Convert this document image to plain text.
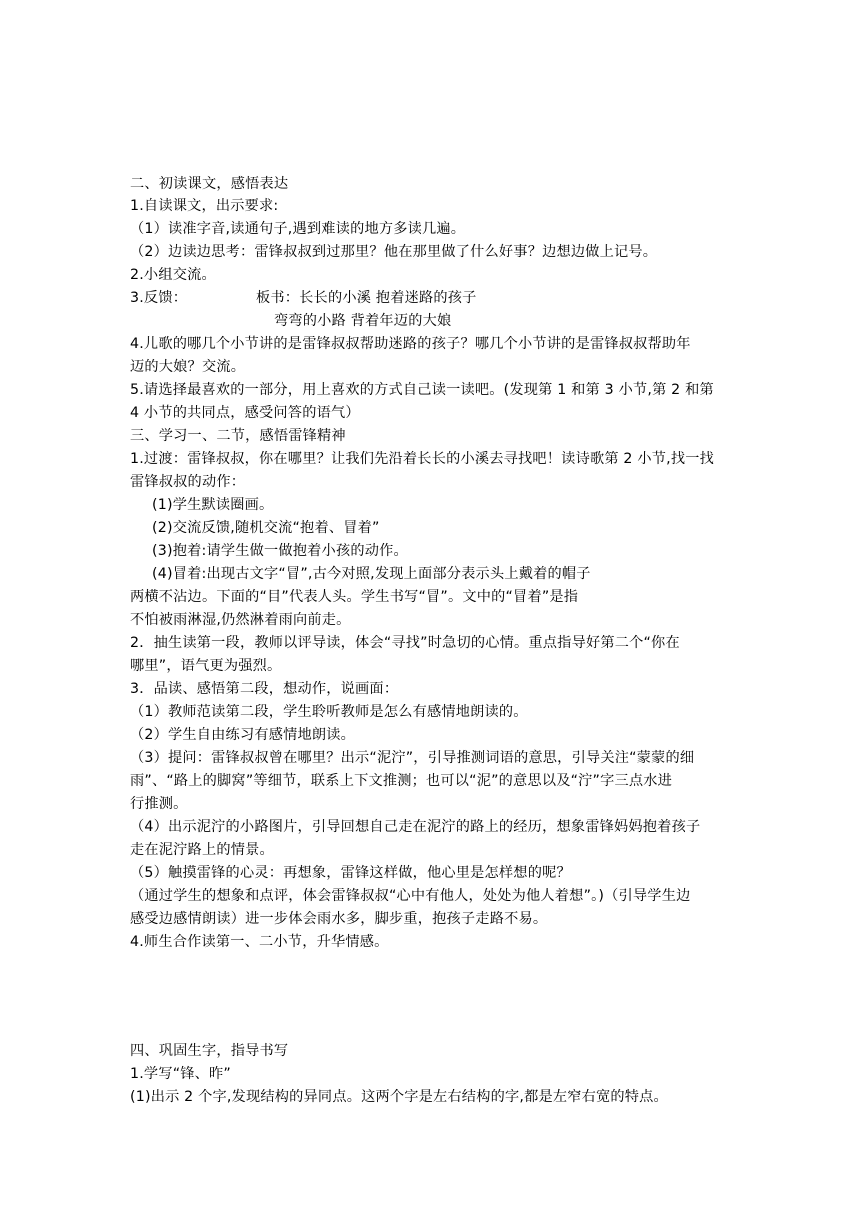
二、初读课文，感悟表达
1.自读课文，出示要求:
（1）读准字音,读通句子,遇到难读的地方多读几遍。
（2）边读边思考：雷锋叔叔到过那里？他在那里做了什么好事？边想边做上记号。
2.小组交流。
3.反馈：	板书：长长的小溪 抱着迷路的孩子
弯弯的小路 背着年迈的大娘
4.儿歌的哪几个小节讲的是雷锋叔叔帮助迷路的孩子？哪几个小节讲的是雷锋叔叔帮助年
迈的大娘？交流。
5.请选择最喜欢的一部分，用上喜欢的方式自己读一读吧。(发现第 1 和第 3 小节,第 2 和第
4 小节的共同点，感受问答的语气）
三、学习一、二节，感悟雷锋精神
1.过渡：雷锋叔叔，你在哪里？让我们先沿着长长的小溪去寻找吧！读诗歌第 2 小节,找一找
雷锋叔叔的动作：
(1)学生默读圈画。
(2)交流反馈,随机交流“抱着、冒着”
(3)抱着:请学生做一做抱着小孩的动作。
(4)冒着:出现古文字“冒”,古今对照,发现上面部分表示头上戴着的帽子
两横不沾边。下面的“目”代表人头。学生书写“冒”。文中的“冒着”是指
不怕被雨淋湿,仍然淋着雨向前走。
2．抽生读第一段，教师以评导读，体会“寻找”时急切的心情。重点指导好第二个“你在
哪里”，语气更为强烈。
3．品读、感悟第二段，想动作，说画面：
（1）教师范读第二段，学生聆听教师是怎么有感情地朗读的。
（2）学生自由练习有感情地朗读。
（3）提问：雷锋叔叔曾在哪里？出示“泥泞”，引导推测词语的意思，引导关注“蒙蒙的细
雨”、“路上的脚窝”等细节，联系上下文推测；也可以“泥”的意思以及“泞”字三点水进
行推测。
（4）出示泥泞的小路图片，引导回想自己走在泥泞的路上的经历，想象雷锋妈妈抱着孩子
走在泥泞路上的情景。
（5）触摸雷锋的心灵：再想象，雷锋这样做，他心里是怎样想的呢？
（通过学生的想象和点评，体会雷锋叔叔“心中有他人，处处为他人着想”。)（引导学生边
感受边感情朗读）进一步体会雨水多，脚步重，抱孩子走路不易。
4.师生合作读第一、二小节，升华情感。
四、巩固生字，指导书写
1.学写“锋、昨”
(1)出示 2 个字,发现结构的异同点。这两个字是左右结构的字,都是左窄右宽的特点。
